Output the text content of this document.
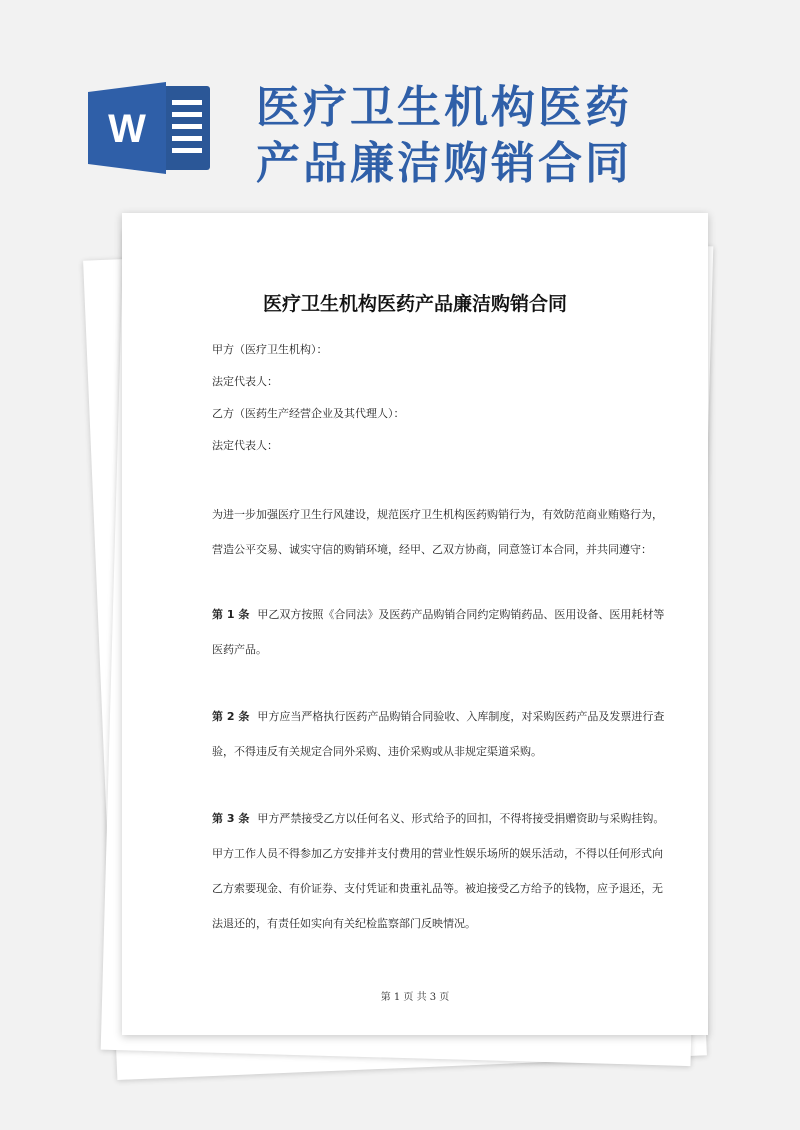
W	医疗卫生机构医药
产品廉洁购销合同
医疗卫生机构医药产品廉洁购销合同
甲方（医疗卫生机构）：
法定代表人：
乙方（医药生产经营企业及其代理人）：
法定代表人：
为进一步加强医疗卫生行风建设，规范医疗卫生机构医药购销行为，有效防范商业贿赂行为，
营造公平交易、诚实守信的购销环境，经甲、乙双方协商，同意签订本合同，并共同遵守：
第 1 条 甲乙双方按照《合同法》及医药产品购销合同约定购销药品、医用设备、医用耗材等
医药产品。
第 2 条 甲方应当严格执行医药产品购销合同验收、入库制度，对采购医药产品及发票进行查
验，不得违反有关规定合同外采购、违价采购或从非规定渠道采购。
第 3 条 甲方严禁接受乙方以任何名义、形式给予的回扣，不得将接受捐赠资助与采购挂钩。
甲方工作人员不得参加乙方安排并支付费用的营业性娱乐场所的娱乐活动，不得以任何形式向
乙方索要现金、有价证券、支付凭证和贵重礼品等。被迫接受乙方给予的钱物，应予退还，无
法退还的，有责任如实向有关纪检监察部门反映情况。
第 1 页 共 3 页
